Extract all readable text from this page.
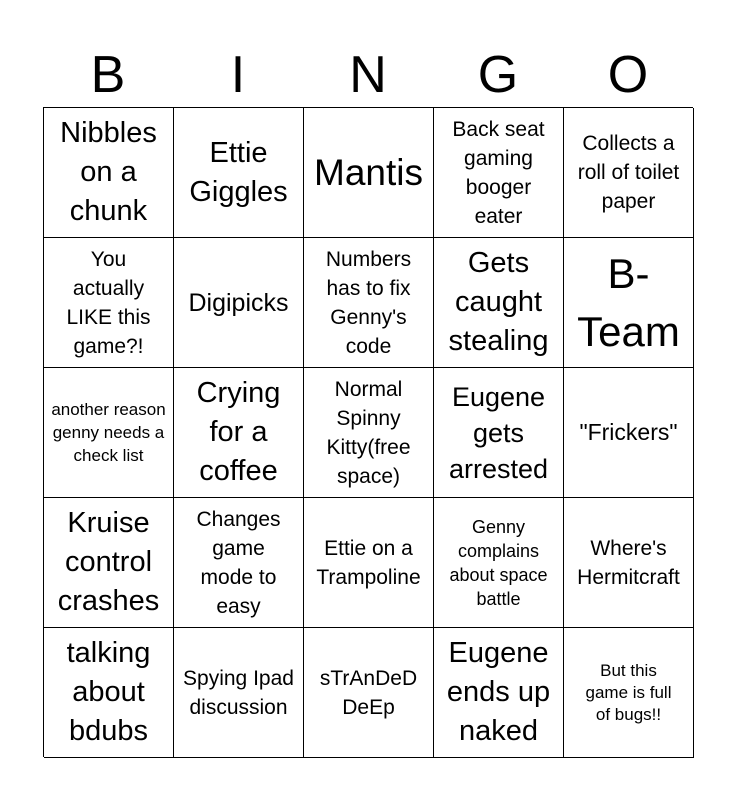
B	I	N	G	O
Nibbles on a chunk
Ettie Giggles Mantis
Back seat gaming booger eater
Collects a roll of toilet paper
You actually LIKE this game?!
Digipicks
Numbers has to fix Genny's code
Gets caught stealing
B-Team
another reason genny needs a check list
Crying for a coffee
Normal Spinny Kitty(free space)
Eugene gets arrested
"Frickers"
Kruise control crashes
Changes game mode to easy
Ettie on a Trampoline
Genny complains about space battle
Where's Hermitcraft
talking about bdubs
Spying Ipad discussion
sTrAnDeD DeEp
Eugene ends up naked
But this game is full of bugs!!
